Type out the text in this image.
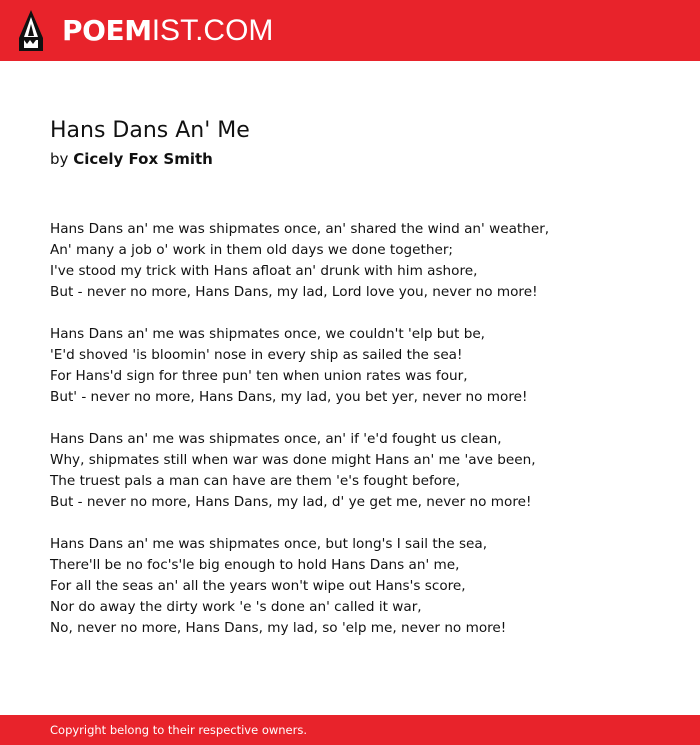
POEMIST.COM
Hans Dans An' Me
by Cicely Fox Smith
Hans Dans an' me was shipmates once, an' shared the wind an' weather,
An' many a job o' work in them old days we done together;
I've stood my trick with Hans afloat an' drunk with him ashore,
But - never no more, Hans Dans, my lad, Lord love you, never no more!
Hans Dans an' me was shipmates once, we couldn't 'elp but be,
'E'd shoved 'is bloomin' nose in every ship as sailed the sea!
For Hans'd sign for three pun' ten when union rates was four,
But' - never no more, Hans Dans, my lad, you bet yer, never no more!
Hans Dans an' me was shipmates once, an' if 'e'd fought us clean,
Why, shipmates still when war was done might Hans an' me 'ave been,
The truest pals a man can have are them 'e's fought before,
But - never no more, Hans Dans, my lad, d' ye get me, never no more!
Hans Dans an' me was shipmates once, but long's I sail the sea,
There'll be no foc's'le big enough to hold Hans Dans an' me,
For all the seas an' all the years won't wipe out Hans's score,
Nor do away the dirty work 'e 's done an' called it war,
No, never no more, Hans Dans, my lad, so 'elp me, never no more!
Copyright belong to their respective owners.
